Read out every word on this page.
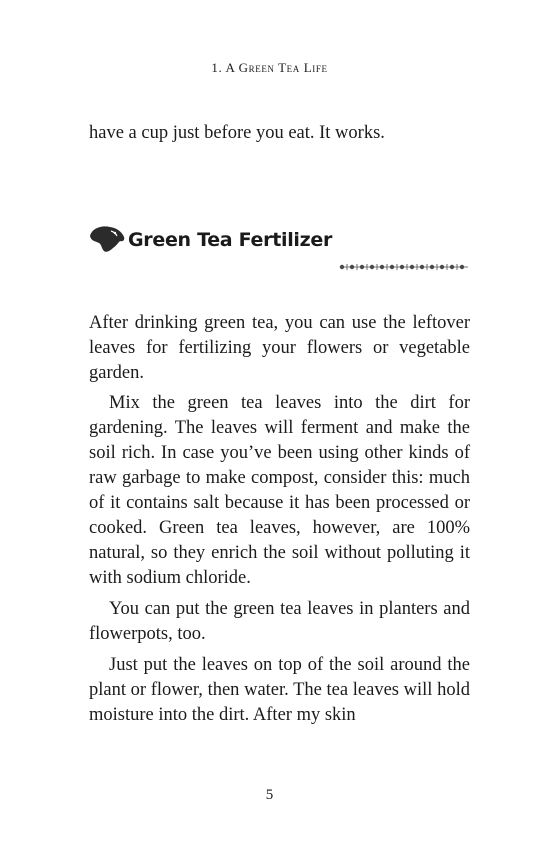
1. A Green Tea Life

have a cup just before you eat. It works.

Green Tea Fertilizer

After drinking green tea, you can use the leftover leaves for fertilizing your flowers or vegetable garden.

Mix the green tea leaves into the dirt for gardening. The leaves will ferment and make the soil rich. In case you’ve been using other kinds of raw garbage to make compost, consider this: much of it contains salt because it has been processed or cooked. Green tea leaves, however, are 100% natural, so they enrich the soil without polluting it with sodium chloride.

You can put the green tea leaves in planters and flowerpots, too.

Just put the leaves on top of the soil around the plant or flower, then water. The tea leaves will hold moisture into the dirt. After my skin

5
